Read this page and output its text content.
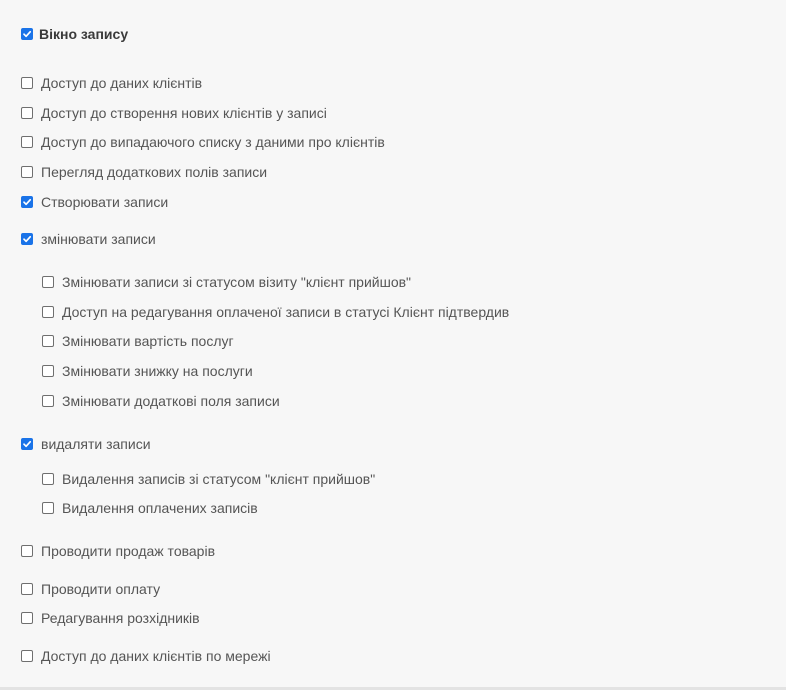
Вікно запису
Доступ до даних клієнтів
Доступ до створення нових клієнтів у записі
Доступ до випадаючого списку з даними про клієнтів
Перегляд додаткових полів записи
Створювати записи
змінювати записи
Змінювати записи зі статусом візиту "клієнт прийшов"
Доступ на редагування оплаченої записи в статусі Клієнт підтвердив
Змінювати вартість послуг
Змінювати знижку на послуги
Змінювати додаткові поля записи
видаляти записи
Видалення записів зі статусом "клієнт прийшов"
Видалення оплачених записів
Проводити продаж товарів
Проводити оплату
Редагування розхідників
Доступ до даних клієнтів по мережі
